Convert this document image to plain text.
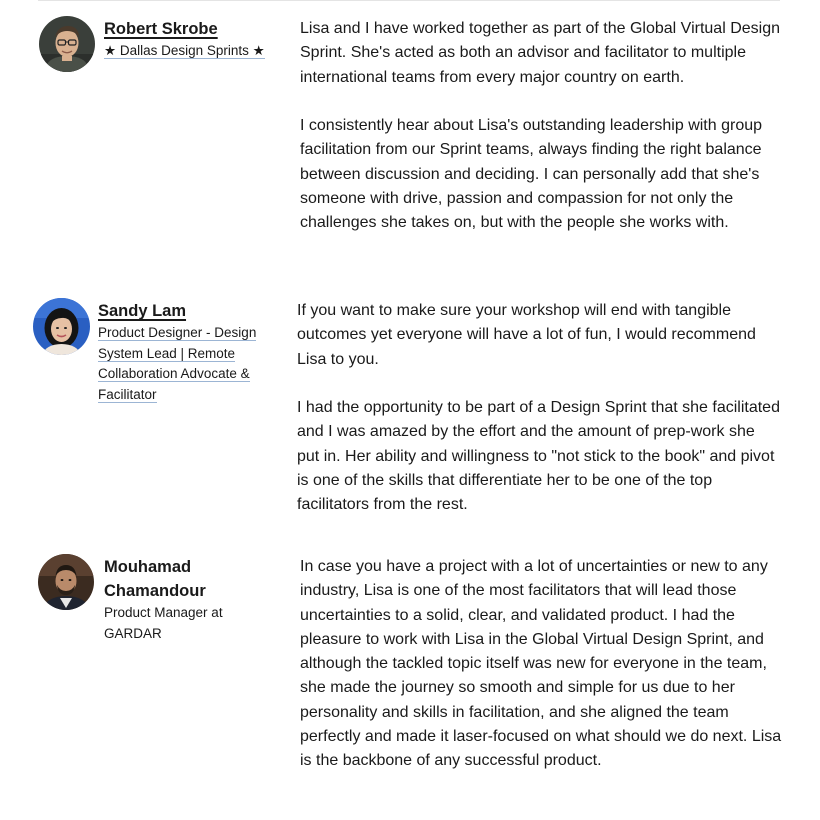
Robert Skrobe
★ Dallas Design Sprints ★

Lisa and I have worked together as part of the Global Virtual Design Sprint. She's acted as both an advisor and facilitator to multiple international teams from every major country on earth.

I consistently hear about Lisa's outstanding leadership with group facilitation from our Sprint teams, always finding the right balance between discussion and deciding. I can personally add that she's someone with drive, passion and compassion for not only the challenges she takes on, but with the people she works with.

Sandy Lam
Product Designer - Design System Lead | Remote Collaboration Advocate & Facilitator

If you want to make sure your workshop will end with tangible outcomes yet everyone will have a lot of fun, I would recommend Lisa to you.

I had the opportunity to be part of a Design Sprint that she facilitated and I was amazed by the effort and the amount of prep-work she put in. Her ability and willingness to "not stick to the book" and pivot is one of the skills that differentiate her to be one of the top facilitators from the rest.

Mouhamad Chamandour
Product Manager at GARDAR

In case you have a project with a lot of uncertainties or new to any industry, Lisa is one of the most facilitators that will lead those uncertainties to a solid, clear, and validated product. I had the pleasure to work with Lisa in the Global Virtual Design Sprint, and although the tackled topic itself was new for everyone in the team, she made the journey so smooth and simple for us due to her personality and skills in facilitation, and she aligned the team perfectly and made it laser-focused on what should we do next. Lisa is the backbone of any successful product.
